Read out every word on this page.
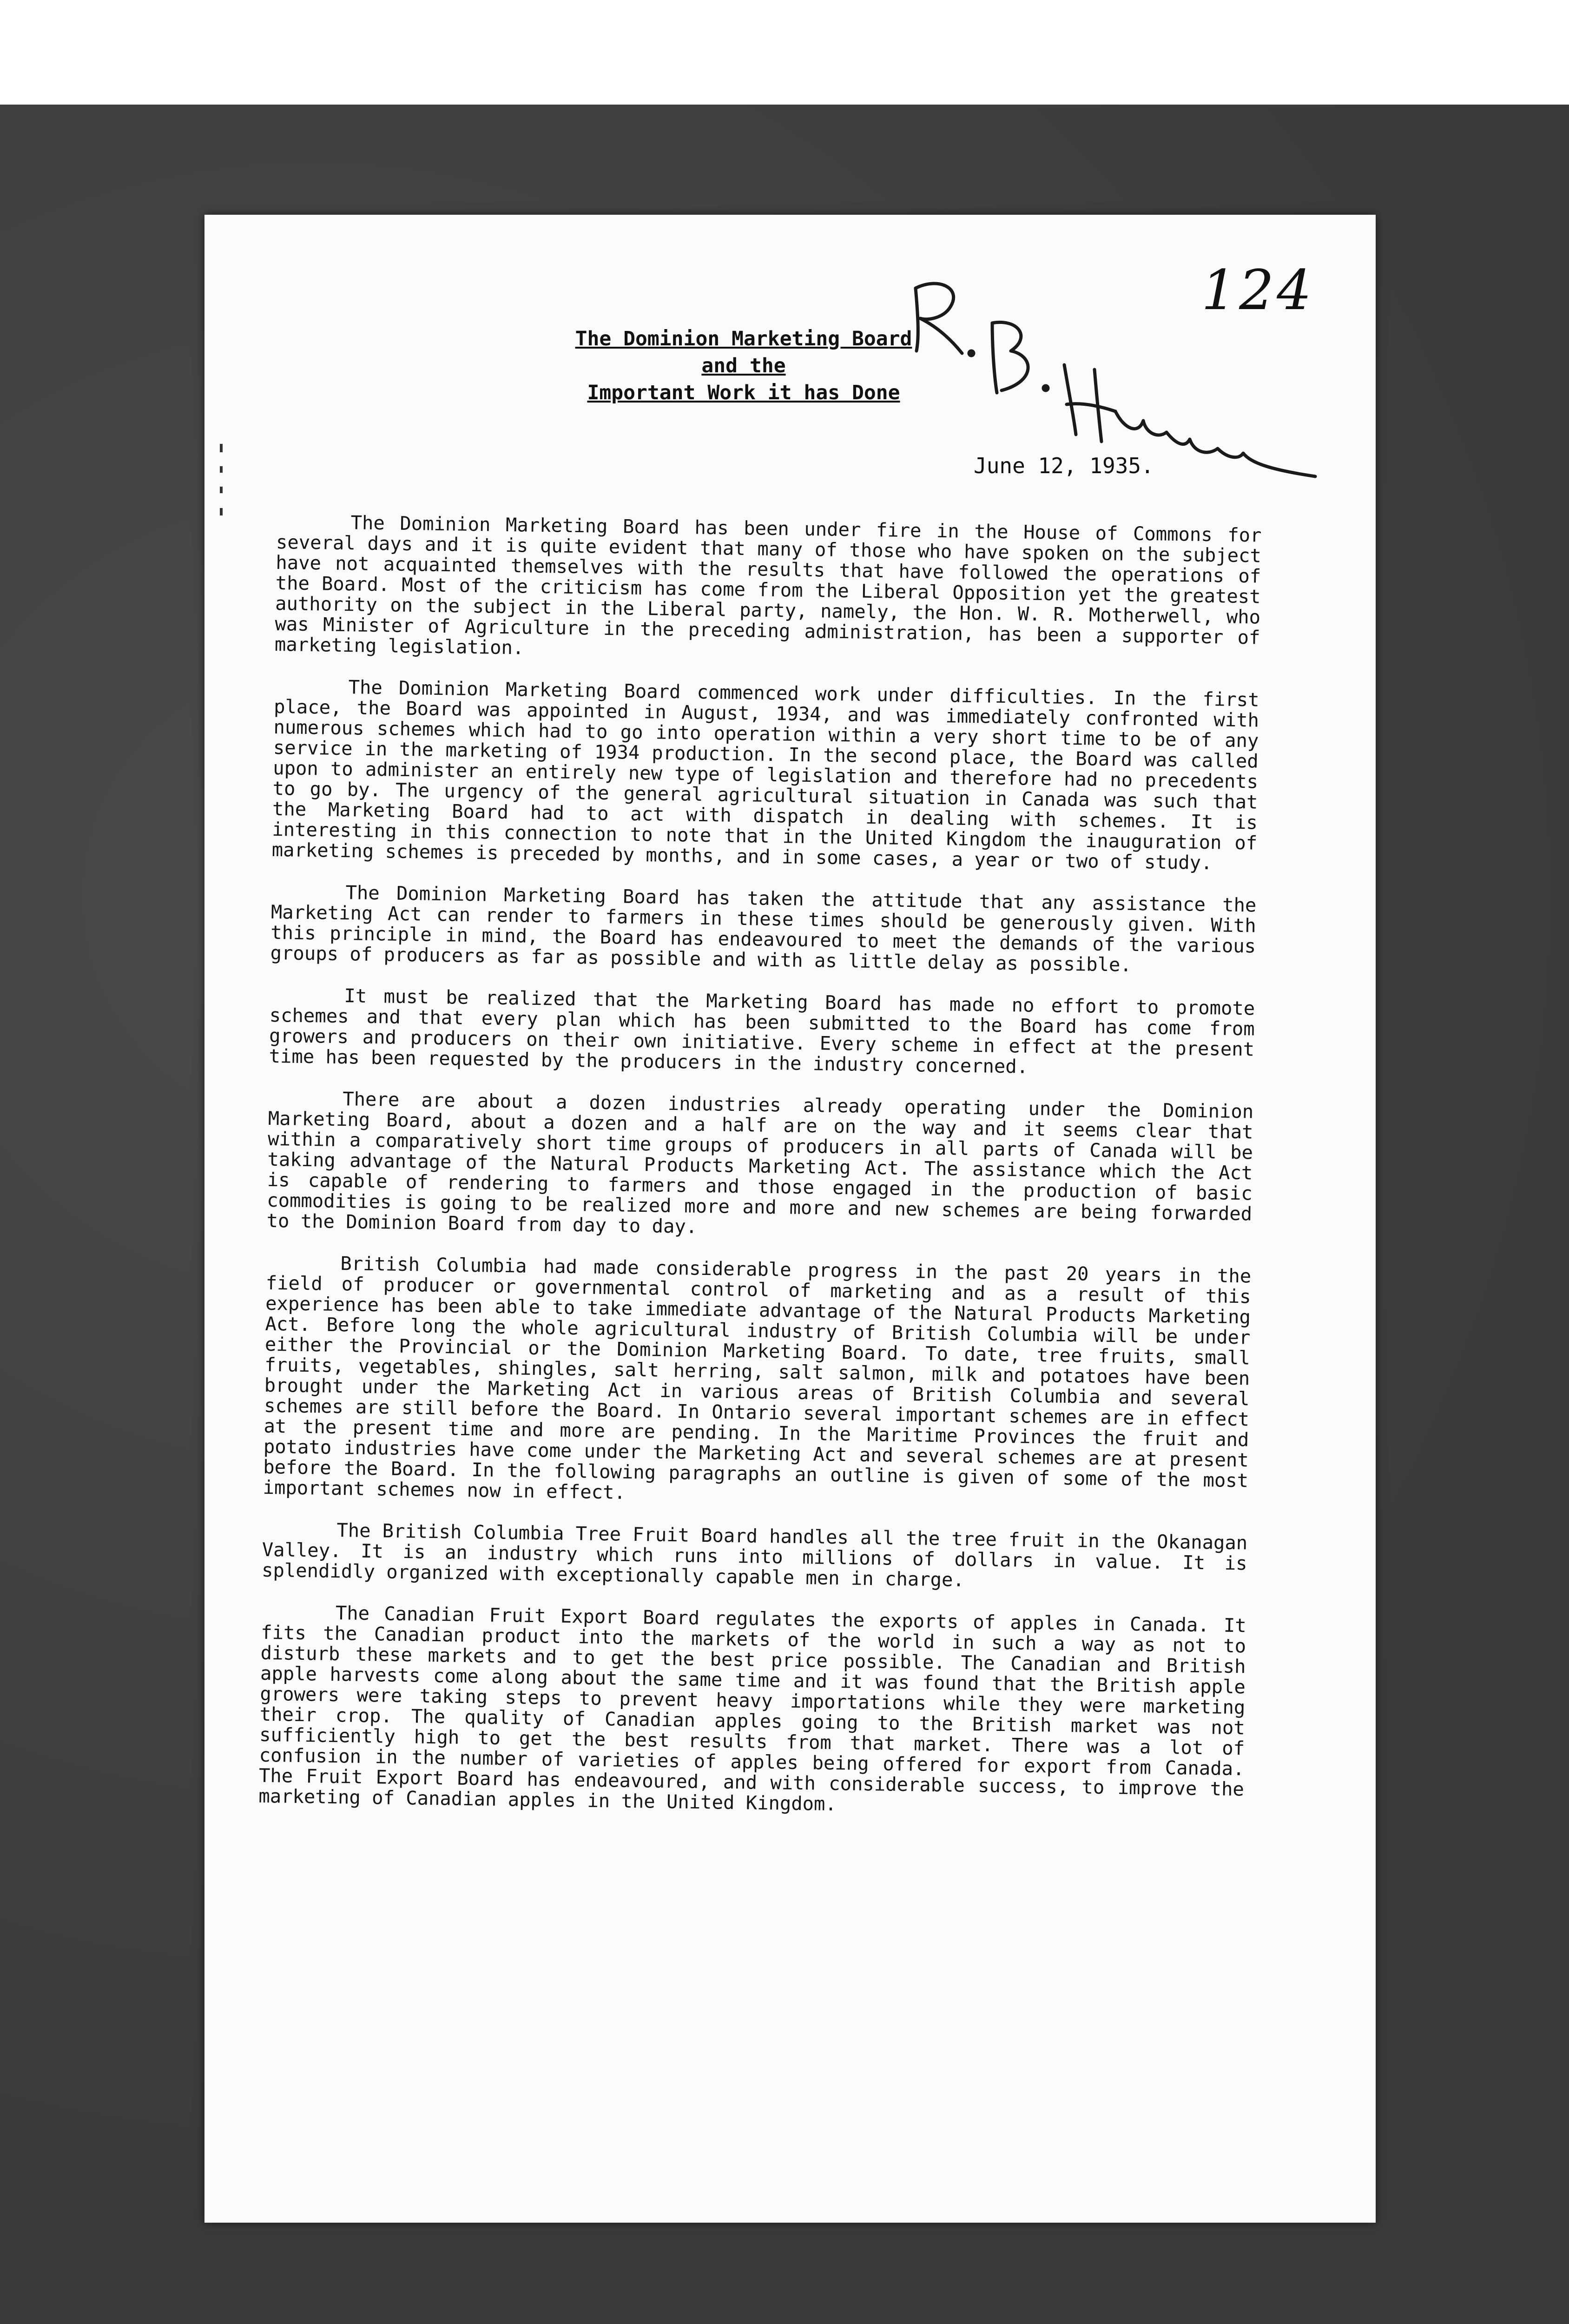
124
The Dominion Marketing Board
and the
Important Work it has Done
June 12, 1935.

The Dominion Marketing Board has been under fire in the House of Commons for several days and it is quite evident that many of those who have spoken on the subject have not acquainted themselves with the results that have followed the operations of the Board. Most of the criticism has come from the Liberal Opposition yet the greatest authority on the subject in the Liberal party, namely, the Hon. W. R. Motherwell, who was Minister of Agriculture in the preceding administration, has been a supporter of marketing legislation.

The Dominion Marketing Board commenced work under difficulties. In the first place, the Board was appointed in August, 1934, and was immediately confronted with numerous schemes which had to go into operation within a very short time to be of any service in the marketing of 1934 production. In the second place, the Board was called upon to administer an entirely new type of legislation and therefore had no precedents to go by. The urgency of the general agricultural situation in Canada was such that the Marketing Board had to act with dispatch in dealing with schemes. It is interesting in this connection to note that in the United Kingdom the inauguration of marketing schemes is preceded by months, and in some cases, a year or two of study.

The Dominion Marketing Board has taken the attitude that any assistance the Marketing Act can render to farmers in these times should be generously given. With this principle in mind, the Board has endeavoured to meet the demands of the various groups of producers as far as possible and with as little delay as possible.

It must be realized that the Marketing Board has made no effort to promote schemes and that every plan which has been submitted to the Board has come from growers and producers on their own initiative. Every scheme in effect at the present time has been requested by the producers in the industry concerned.

There are about a dozen industries already operating under the Dominion Marketing Board, about a dozen and a half are on the way and it seems clear that within a comparatively short time groups of producers in all parts of Canada will be taking advantage of the Natural Products Marketing Act. The assistance which the Act is capable of rendering to farmers and those engaged in the production of basic commodities is going to be realized more and more and new schemes are being forwarded to the Dominion Board from day to day.

British Columbia had made considerable progress in the past 20 years in the field of producer or governmental control of marketing and as a result of this experience has been able to take immediate advantage of the Natural Products Marketing Act. Before long the whole agricultural industry of British Columbia will be under either the Provincial or the Dominion Marketing Board. To date, tree fruits, small fruits, vegetables, shingles, salt herring, salt salmon, milk and potatoes have been brought under the Marketing Act in various areas of British Columbia and several schemes are still before the Board. In Ontario several important schemes are in effect at the present time and more are pending. In the Maritime Provinces the fruit and potato industries have come under the Marketing Act and several schemes are at present before the Board. In the following paragraphs an outline is given of some of the most important schemes now in effect.

The British Columbia Tree Fruit Board handles all the tree fruit in the Okanagan Valley. It is an industry which runs into millions of dollars in value. It is splendidly organized with exceptionally capable men in charge.

The Canadian Fruit Export Board regulates the exports of apples in Canada. It fits the Canadian product into the markets of the world in such a way as not to disturb these markets and to get the best price possible. The Canadian and British apple harvests come along about the same time and it was found that the British apple growers were taking steps to prevent heavy importations while they were marketing their crop. The quality of Canadian apples going to the British market was not sufficiently high to get the best results from that market. There was a lot of confusion in the number of varieties of apples being offered for export from Canada. The Fruit Export Board has endeavoured, and with considerable success, to improve the marketing of Canadian apples in the United Kingdom.
